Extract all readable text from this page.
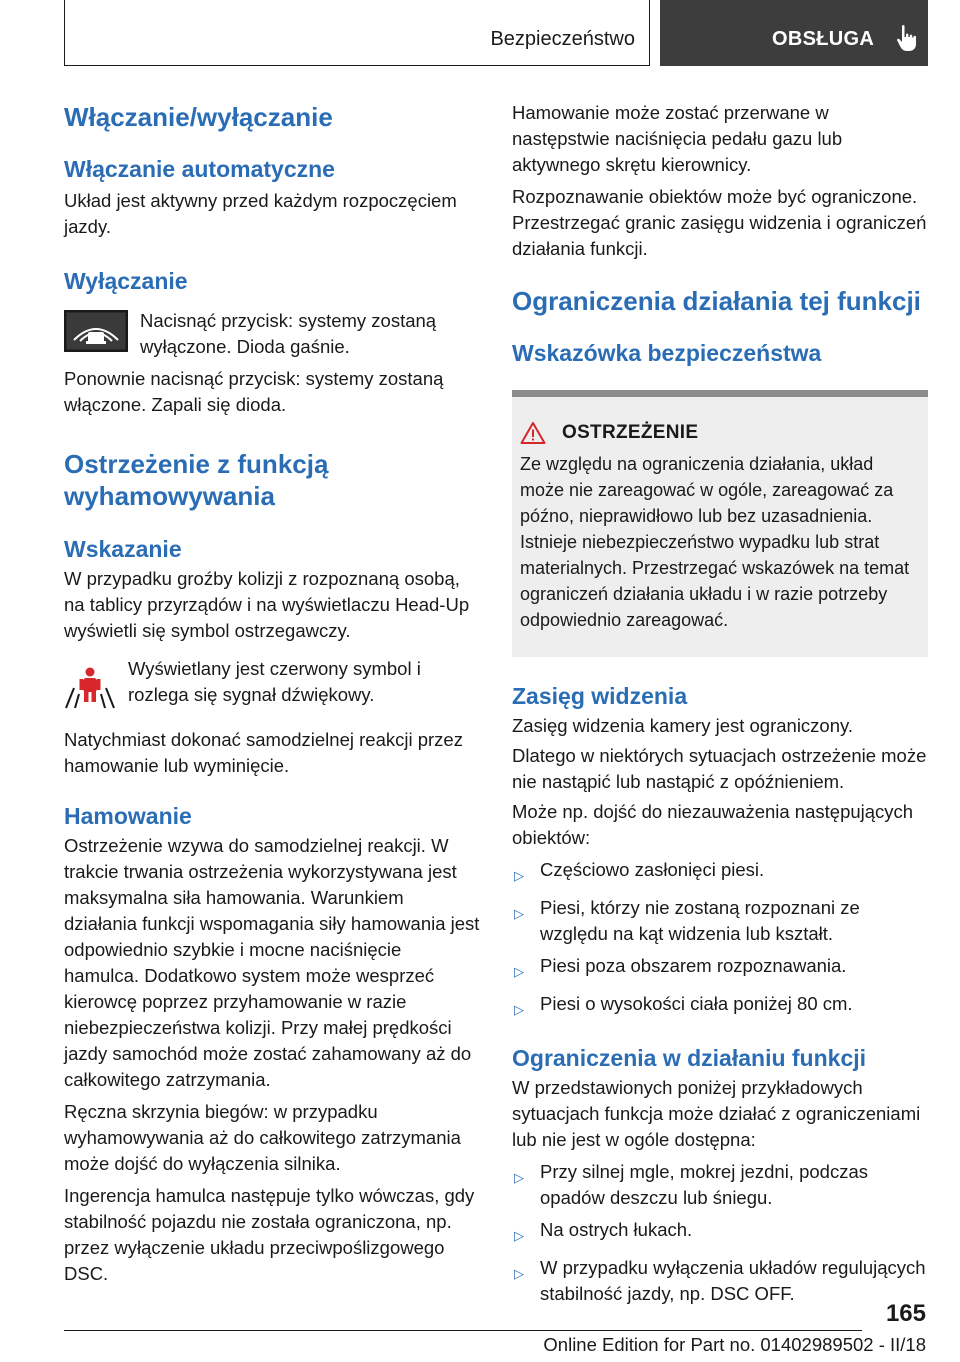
Bezpieczeństwo	OBSŁUGA
Włączanie/wyłączanie
Włączanie automatyczne

Układ jest aktywny przed każdym rozpoczęciem jazdy.

Wyłączanie

Nacisnąć przycisk: systemy zostaną wyłączone. Dioda gaśnie.

Ponownie nacisnąć przycisk: systemy zostaną włączone. Zapali się dioda.

Ostrzeżenie z funkcją wyhamowywania
Wskazanie

W przypadku groźby kolizji z rozpoznaną osobą, na tablicy przyrządów i na wyświetlaczu Head-Up wyświetli się symbol ostrzegawczy.

Wyświetlany jest czerwony symbol i rozlega się sygnał dźwiękowy.

Natychmiast dokonać samodzielnej reakcji przez hamowanie lub wyminięcie.

Hamowanie

Ostrzeżenie wzywa do samodzielnej reakcji. W trakcie trwania ostrzeżenia wykorzystywana jest maksymalna siła hamowania. Warunkiem działania funkcji wspomagania siły hamowania jest odpowiednio szybkie i mocne naciśnięcie hamulca. Dodatkowo system może wesprzeć kierowcę poprzez przyhamowanie w razie niebezpieczeństwa kolizji. Przy małej prędkości jazdy samochód może zostać zahamowany aż do całkowitego zatrzymania.

Ręczna skrzynia biegów: w przypadku wyhamowywania aż do całkowitego zatrzymania może dojść do wyłączenia silnika.

Ingerencja hamulca następuje tylko wówczas, gdy stabilność pojazdu nie została ograniczona, np. przez wyłączenie układu przeciwpoślizgowego DSC.

Hamowanie może zostać przerwane w następstwie naciśnięcia pedału gazu lub aktywnego skrętu kierownicy.

Rozpoznawanie obiektów może być ograniczone. Przestrzegać granic zasięgu widzenia i ograniczeń działania funkcji.

Ograniczenia działania tej funkcji
Wskazówka bezpieczeństwa
OSTRZEŻENIE

Ze względu na ograniczenia działania, układ może nie zareagować w ogóle, zareagować za późno, nieprawidłowo lub bez uzasadnienia. Istnieje niebezpieczeństwo wypadku lub strat materialnych. Przestrzegać wskazówek na temat ograniczeń działania układu i w razie potrzeby odpowiednio zareagować.

Zasięg widzenia

Zasięg widzenia kamery jest ograniczony.

Dlatego w niektórych sytuacjach ostrzeżenie może nie nastąpić lub nastąpić z opóźnieniem.

Może np. dojść do niezauważenia następujących obiektów:

▷ Częściowo zasłonięci piesi.
▷ Piesi, którzy nie zostaną rozpoznani ze względu na kąt widzenia lub kształt.
▷ Piesi poza obszarem rozpoznawania.
▷ Piesi o wysokości ciała poniżej 80 cm.
Ograniczenia w działaniu funkcji

W przedstawionych poniżej przykładowych sytuacjach funkcja może działać z ograniczeniami lub nie jest w ogóle dostępna:

▷ Przy silnej mgle, mokrej jezdni, podczas opadów deszczu lub śniegu.
▷ Na ostrych łukach.
▷ W przypadku wyłączenia układów regulujących stabilność jazdy, np. DSC OFF.
165
Online Edition for Part no. 01402989502 - II/18
